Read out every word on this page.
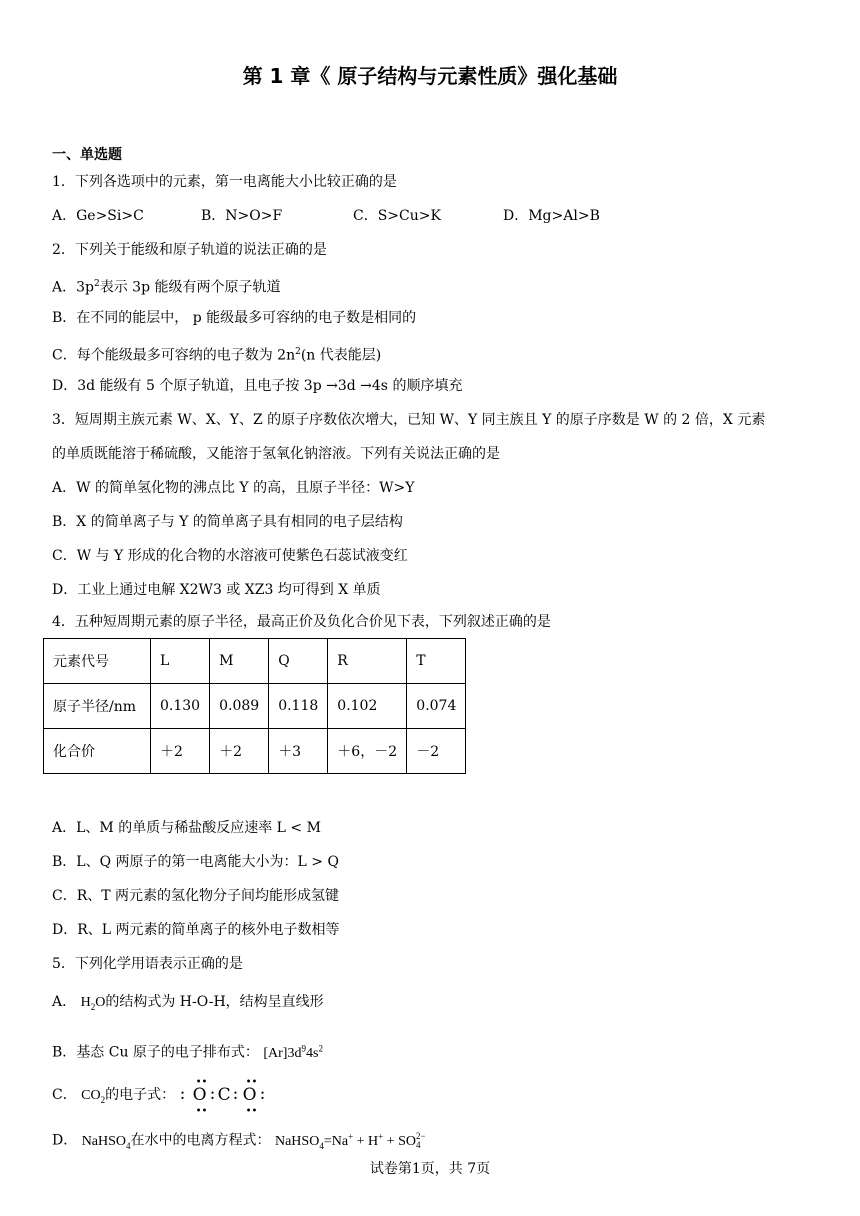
第 1 章《 原子结构与元素性质》强化基础
一、单选题
1．下列各选项中的元素，第一电离能大小比较正确的是
A．Ge>Si>C	B．N>O>F	C．S>Cu>K	D．Mg>Al>B
2．下列关于能级和原子轨道的说法正确的是
A．$3p^2$表示 3p 能级有两个原子轨道
B．在不同的能层中， p 能级最多可容纳的电子数是相同的
C．每个能级最多可容纳的电子数为 $2n^2(n$ 代表能层)
D．3d 能级有 5 个原子轨道，且电子按 3p →3d →4s 的顺序填充
3．短周期主族元素 W、X、Y、Z 的原子序数依次增大，已知 W、Y 同主族且 Y 的原子序数是 W 的 2 倍，X 元素
的单质既能溶于稀硫酸，又能溶于氢氧化钠溶液。下列有关说法正确的是
A．W 的简单氢化物的沸点比 Y 的高，且原子半径：W>Y
B．X 的简单离子与 Y 的简单离子具有相同的电子层结构
C．W 与 Y 形成的化合物的水溶液可使紫色石蕊试液变红
D．工业上通过电解 X2W3 或 XZ3 均可得到 X 单质
4．五种短周期元素的原子半径，最高正价及负化合价见下表，下列叙述正确的是
元素代号	L	M	Q	R	T
原子半径/nm	0.130	0.089	0.118	0.102	0.074
化合价	＋2	＋2	＋3	＋6，－2	－2
A．L、M 的单质与稀盐酸反应速率 L < M
B．L、Q 两原子的第一电离能大小为：L > Q
C．R、T 两元素的氢化物分子间均能形成氢键
D．R、L 两元素的简单离子的核外电子数相等
5．下列化学用语表示正确的是
A． $H_2O$的结构式为 H-O-H，结构呈直线形
B．基态 Cu 原子的电子排布式： $[Ar]3d^94s^2$
C． $CO_2$的电子式： :
••
O
••
: C :
••
O
••
:
D． NaHSO$_4$在水中的电离方程式： NaHSO$_4$=Na+ + H+ + SO 2−
4
试卷第1页，共 7页
